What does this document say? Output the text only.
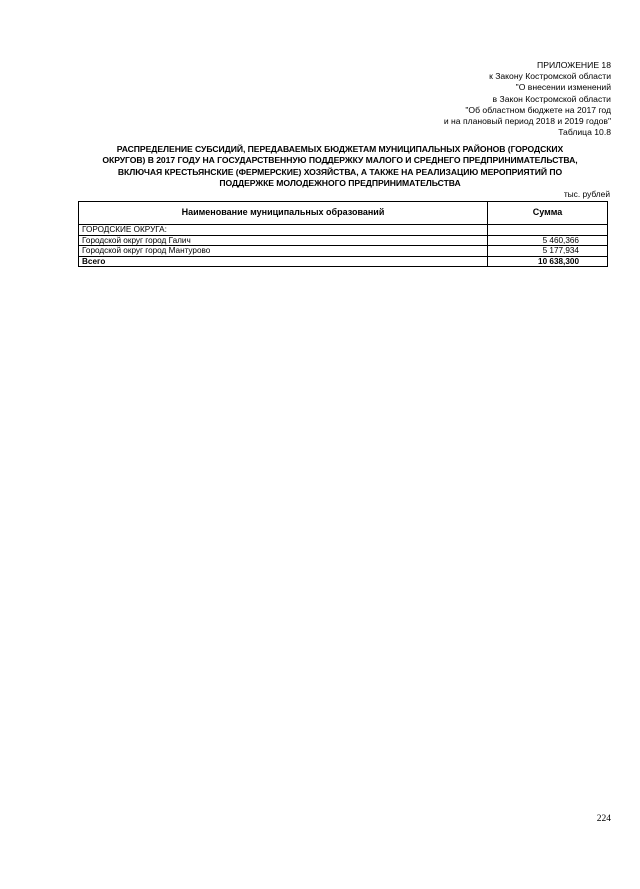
ПРИЛОЖЕНИЕ 18
к Закону Костромской области
"О внесении изменений
в Закон Костромской области
"Об областном бюджете на 2017 год
и на плановый период 2018 и 2019 годов"
Таблица 10.8
РАСПРЕДЕЛЕНИЕ СУБСИДИЙ, ПЕРЕДАВАЕМЫХ БЮДЖЕТАМ МУНИЦИПАЛЬНЫХ РАЙОНОВ (ГОРОДСКИХ
ОКРУГОВ) В 2017 ГОДУ НА ГОСУДАРСТВЕННУЮ ПОДДЕРЖКУ МАЛОГО И СРЕДНЕГО ПРЕДПРИНИМАТЕЛЬСТВА,
ВКЛЮЧАЯ КРЕСТЬЯНСКИЕ (ФЕРМЕРСКИЕ) ХОЗЯЙСТВА, А ТАКЖЕ НА РЕАЛИЗАЦИЮ МЕРОПРИЯТИЙ ПО
ПОДДЕРЖКЕ МОЛОДЕЖНОГО ПРЕДПРИНИМАТЕЛЬСТВА
тыс. рублей
Наименование муниципальных образований	Сумма
ГОРОДСКИЕ ОКРУГА:	
Городской округ город Галич	5 460,366
Городской округ город Мантурово	5 177,934
Всего	10 638,300
224
